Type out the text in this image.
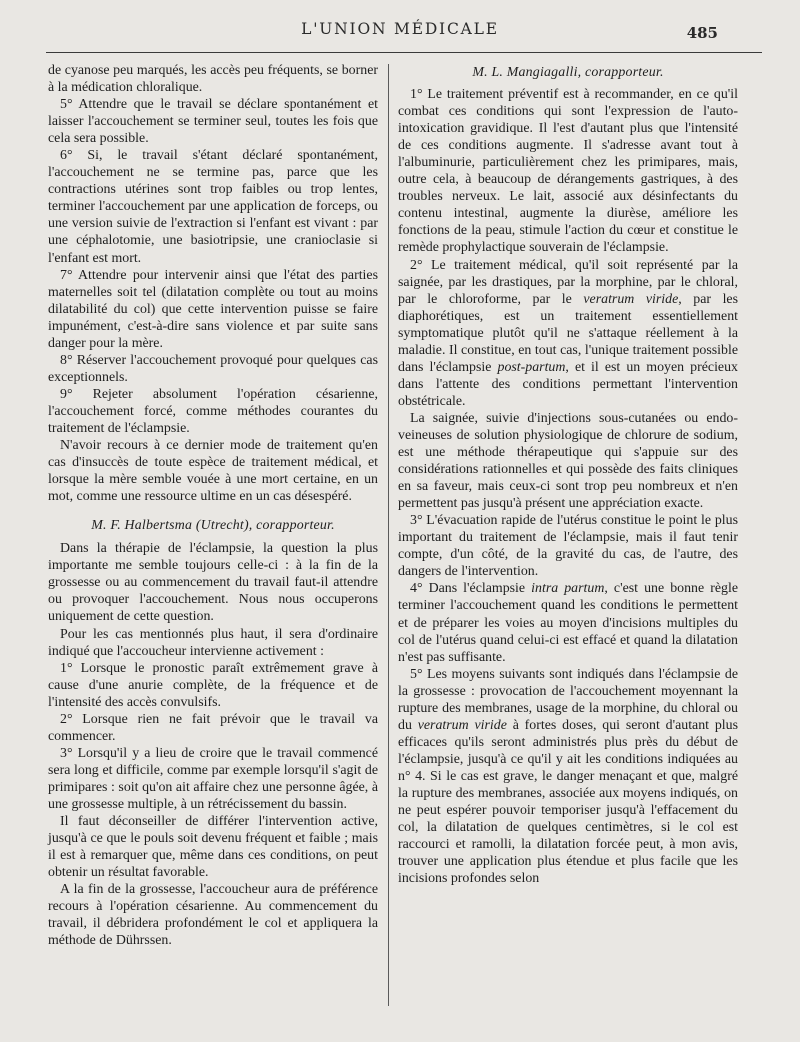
L'UNION MÉDICALE	485

de cyanose peu marqués, les accès peu fréquents, se borner à la médication chloralique.

5° Attendre que le travail se déclare spontanément et laisser l'accouchement se terminer seul, toutes les fois que cela sera possible.

6° Si, le travail s'étant déclaré spontanément, l'accouchement ne se termine pas, parce que les contractions utérines sont trop faibles ou trop lentes, terminer l'accouchement par une application de forceps, ou une version suivie de l'extraction si l'enfant est vivant : par une céphalotomie, une basiotripsie, une cranioclasie si l'enfant est mort.

7° Attendre pour intervenir ainsi que l'état des parties maternelles soit tel (dilatation complète ou tout au moins dilatabilité du col) que cette intervention puisse se faire impunément, c'est-à-dire sans violence et par suite sans danger pour la mère.

8° Réserver l'accouchement provoqué pour quelques cas exceptionnels.

9° Rejeter absolument l'opération césarienne, l'accouchement forcé, comme méthodes courantes du traitement de l'éclampsie.

N'avoir recours à ce dernier mode de traitement qu'en cas d'insuccès de toute espèce de traitement médical, et lorsque la mère semble vouée à une mort certaine, en un mot, comme une ressource ultime en un cas désespéré.

M. F. Halbertsma (Utrecht), corapporteur.

Dans la thérapie de l'éclampsie, la question la plus importante me semble toujours celle-ci : à la fin de la grossesse ou au commencement du travail faut-il attendre ou provoquer l'accouchement. Nous nous occuperons uniquement de cette question.

Pour les cas mentionnés plus haut, il sera d'ordinaire indiqué que l'accoucheur intervienne activement :

1° Lorsque le pronostic paraît extrêmement grave à cause d'une anurie complète, de la fréquence et de l'intensité des accès convulsifs.

2° Lorsque rien ne fait prévoir que le travail va commencer.

3° Lorsqu'il y a lieu de croire que le travail commencé sera long et difficile, comme par exemple lorsqu'il s'agit de primipares : soit qu'on ait affaire chez une personne âgée, à une grossesse multiple, à un rétrécissement du bassin.

Il faut déconseiller de différer l'intervention active, jusqu'à ce que le pouls soit devenu fréquent et faible ; mais il est à remarquer que, même dans ces conditions, on peut obtenir un résultat favorable.

A la fin de la grossesse, l'accoucheur aura de préférence recours à l'opération césarienne. Au commencement du travail, il débridera profondément le col et appliquera la méthode de Dührssen.

M. L. Mangiagalli, corapporteur.

1° Le traitement préventif est à recommander, en ce qu'il combat ces conditions qui sont l'expression de l'auto-intoxication gravidique. Il l'est d'autant plus que l'intensité de ces conditions augmente. Il s'adresse avant tout à l'albuminurie, particulièrement chez les primipares, mais, outre cela, à beaucoup de dérangements gastriques, à des troubles nerveux. Le lait, associé aux désinfectants du contenu intestinal, augmente la diurèse, améliore les fonctions de la peau, stimule l'action du cœur et constitue le remède prophylactique souverain de l'éclampsie.

2° Le traitement médical, qu'il soit représenté par la saignée, par les drastiques, par la morphine, par le chloral, par le chloroforme, par le veratrum viride, par les diaphorétiques, est un traitement essentiellement symptomatique plutôt qu'il ne s'attaque réellement à la maladie. Il constitue, en tout cas, l'unique traitement possible dans l'éclampsie post-partum, et il est un moyen précieux dans l'attente des conditions permettant l'intervention obstétricale.

La saignée, suivie d'injections sous-cutanées ou endo-veineuses de solution physiologique de chlorure de sodium, est une méthode thérapeutique qui s'appuie sur des considérations rationnelles et qui possède des faits cliniques en sa faveur, mais ceux-ci sont trop peu nombreux et n'en permettent pas jusqu'à présent une appréciation exacte.

3° L'évacuation rapide de l'utérus constitue le point le plus important du traitement de l'éclampsie, mais il faut tenir compte, d'un côté, de la gravité du cas, de l'autre, des dangers de l'intervention.

4° Dans l'éclampsie intra partum, c'est une bonne règle terminer l'accouchement quand les conditions le permettent et de préparer les voies au moyen d'incisions multiples du col de l'utérus quand celui-ci est effacé et quand la dilatation n'est pas suffisante.

5° Les moyens suivants sont indiqués dans l'éclampsie de la grossesse : provocation de l'accouchement moyennant la rupture des membranes, usage de la morphine, du chloral ou du veratrum viride à fortes doses, qui seront d'autant plus efficaces qu'ils seront administrés plus près du début de l'éclampsie, jusqu'à ce qu'il y ait les conditions indiquées au n° 4. Si le cas est grave, le danger menaçant et que, malgré la rupture des membranes, associée aux moyens indiqués, on ne peut espérer pouvoir temporiser jusqu'à l'effacement du col, la dilatation de quelques centimètres, si le col est raccourci et ramolli, la dilatation forcée peut, à mon avis, trouver une application plus étendue et plus facile que les incisions profondes selon
